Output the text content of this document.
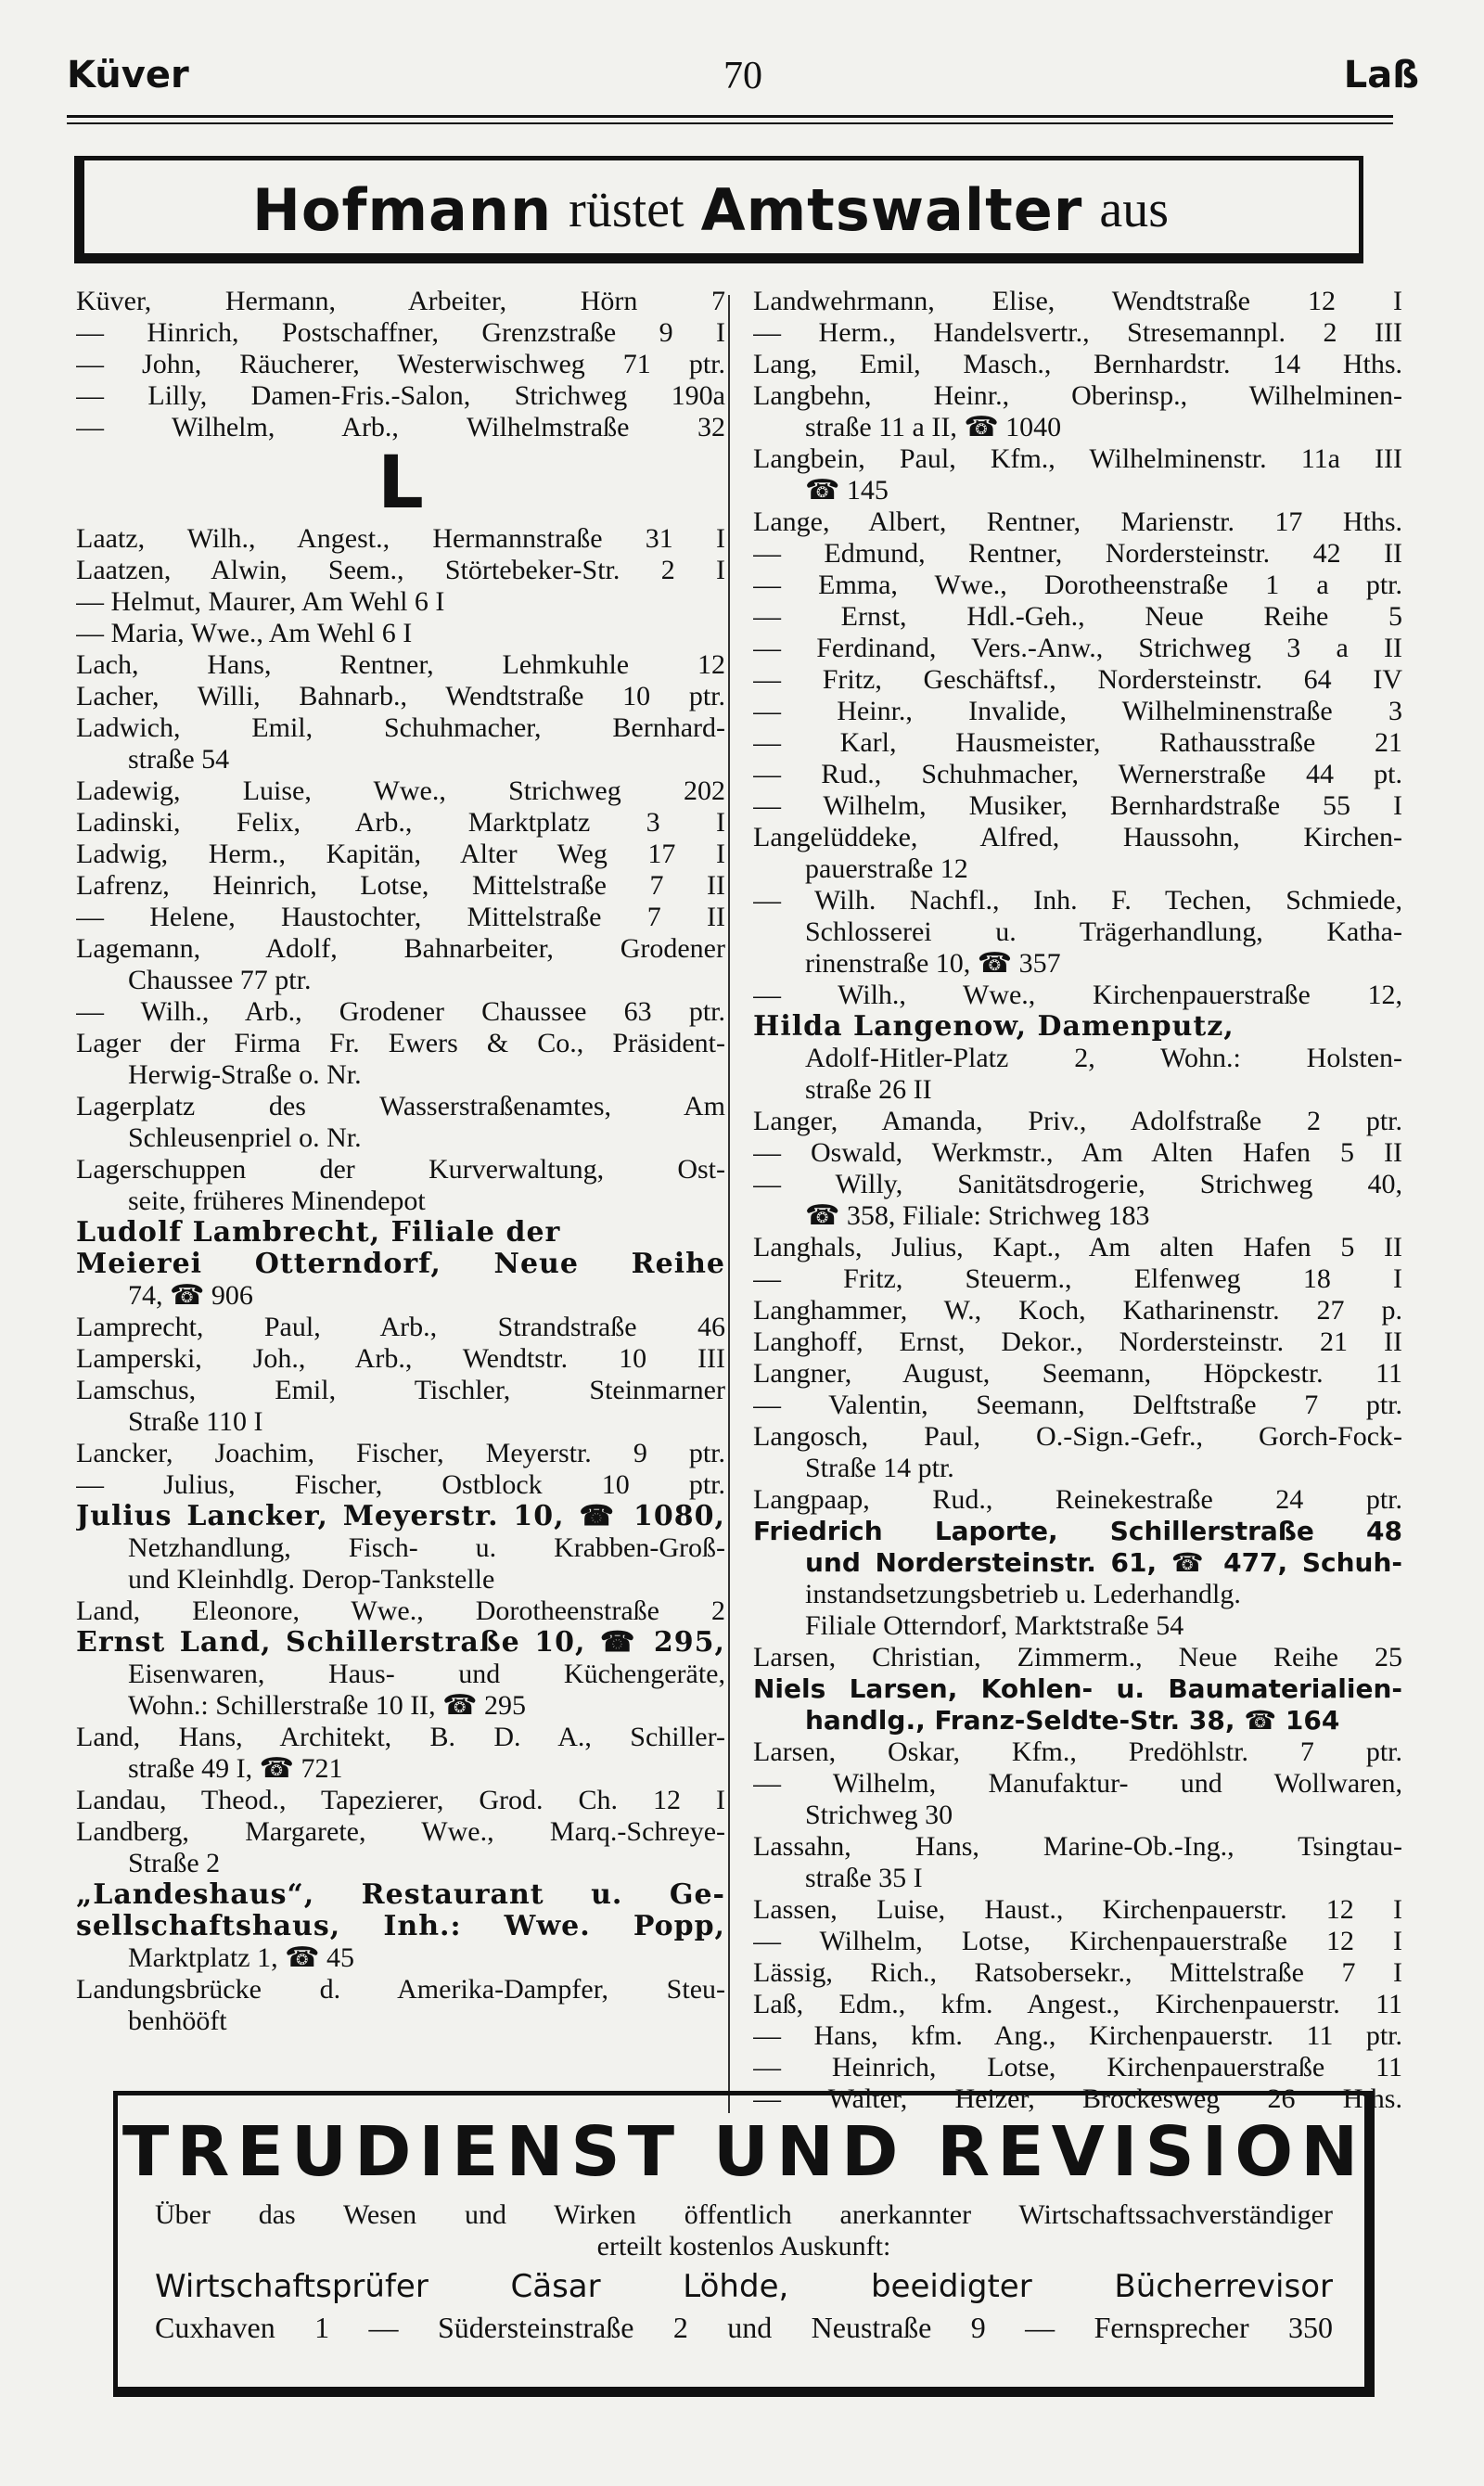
Küver	70	Laß
Hofmann rüstet Amtswalter aus
Küver, Hermann, Arbeiter, Hörn 7
— Hinrich, Postschaffner, Grenzstraße 9 I
— John, Räucherer, Westerwischweg 71 ptr.
— Lilly, Damen-Fris.-Salon, Strichweg 190a
— Wilhelm, Arb., Wilhelmstraße 32
L
Laatz, Wilh., Angest., Hermannstraße 31 I
Laatzen, Alwin, Seem., Störtebeker-Str. 2 I
— Helmut, Maurer, Am Wehl 6 I
— Maria, Wwe., Am Wehl 6 I
Lach, Hans, Rentner, Lehmkuhle 12
Lacher, Willi, Bahnarb., Wendtstraße 10 ptr.
Ladwich, Emil, Schuhmacher, Bernhard-
straße 54
Ladewig, Luise, Wwe., Strichweg 202
Ladinski, Felix, Arb., Marktplatz 3 I
Ladwig, Herm., Kapitän, Alter Weg 17 I
Lafrenz, Heinrich, Lotse, Mittelstraße 7 II
— Helene, Haustochter, Mittelstraße 7 II
Lagemann, Adolf, Bahnarbeiter, Grodener
Chaussee 77 ptr.
— Wilh., Arb., Grodener Chaussee 63 ptr.
Lager der Firma Fr. Ewers & Co., Präsident-
Herwig-Straße o. Nr.
Lagerplatz des Wasserstraßenamtes, Am
Schleusenpriel o. Nr.
Lagerschuppen der Kurverwaltung, Ost-
seite, früheres Minendepot
Ludolf Lambrecht, Filiale der
Meierei Otterndorf, Neue Reihe
74, ☎ 906
Lamprecht, Paul, Arb., Strandstraße 46
Lamperski, Joh., Arb., Wendtstr. 10 III
Lamschus, Emil, Tischler, Steinmarner
Straße 110 I
Lancker, Joachim, Fischer, Meyerstr. 9 ptr.
— Julius, Fischer, Ostblock 10 ptr.
Julius Lancker, Meyerstr. 10, ☎ 1080,
Netzhandlung, Fisch- u. Krabben-Groß-
und Kleinhdlg. Derop-Tankstelle
Land, Eleonore, Wwe., Dorotheenstraße 2
Ernst Land, Schillerstraße 10, ☎ 295,
Eisenwaren, Haus- und Küchengeräte,
Wohn.: Schillerstraße 10 II, ☎ 295
Land, Hans, Architekt, B. D. A., Schiller-
straße 49 I, ☎ 721
Landau, Theod., Tapezierer, Grod. Ch. 12 I
Landberg, Margarete, Wwe., Marq.-Schreye-
Straße 2
„Landeshaus“, Restaurant u. Ge-
sellschaftshaus, Inh.: Wwe. Popp,
Marktplatz 1, ☎ 45
Landungsbrücke d. Amerika-Dampfer, Steu-
benhööft
Landwehrmann, Elise, Wendtstraße 12 I
— Herm., Handelsvertr., Stresemannpl. 2 III
Lang, Emil, Masch., Bernhardstr. 14 Hths.
Langbehn, Heinr., Oberinsp., Wilhelminen-
straße 11 a II, ☎ 1040
Langbein, Paul, Kfm., Wilhelminenstr. 11a III
☎ 145
Lange, Albert, Rentner, Marienstr. 17 Hths.
— Edmund, Rentner, Nordersteinstr. 42 II
— Emma, Wwe., Dorotheenstraße 1 a ptr.
— Ernst, Hdl.-Geh., Neue Reihe 5
— Ferdinand, Vers.-Anw., Strichweg 3 a II
— Fritz, Geschäftsf., Nordersteinstr. 64 IV
— Heinr., Invalide, Wilhelminenstraße 3
— Karl, Hausmeister, Rathausstraße 21
— Rud., Schuhmacher, Wernerstraße 44 pt.
— Wilhelm, Musiker, Bernhardstraße 55 I
Langelüddeke, Alfred, Haussohn, Kirchen-
pauerstraße 12
— Wilh. Nachfl., Inh. F. Techen, Schmiede,
Schlosserei u. Trägerhandlung, Katha-
rinenstraße 10, ☎ 357
— Wilh., Wwe., Kirchenpauerstraße 12,
Hilda Langenow, Damenputz,
Adolf-Hitler-Platz 2, Wohn.: Holsten-
straße 26 II
Langer, Amanda, Priv., Adolfstraße 2 ptr.
— Oswald, Werkmstr., Am Alten Hafen 5 II
— Willy, Sanitätsdrogerie, Strichweg 40,
☎ 358, Filiale: Strichweg 183
Langhals, Julius, Kapt., Am alten Hafen 5 II
— Fritz, Steuerm., Elfenweg 18 I
Langhammer, W., Koch, Katharinenstr. 27 p.
Langhoff, Ernst, Dekor., Nordersteinstr. 21 II
Langner, August, Seemann, Höpckestr. 11
— Valentin, Seemann, Delftstraße 7 ptr.
Langosch, Paul, O.-Sign.-Gefr., Gorch-Fock-
Straße 14 ptr.
Langpaap, Rud., Reinekestraße 24 ptr.
Friedrich Laporte, Schillerstraße 48
und Nordersteinstr. 61, ☎ 477, Schuh-
instandsetzungsbetrieb u. Lederhandlg.
Filiale Otterndorf, Marktstraße 54
Larsen, Christian, Zimmerm., Neue Reihe 25
Niels Larsen, Kohlen- u. Baumaterialien-
handlg., Franz-Seldte-Str. 38, ☎ 164
Larsen, Oskar, Kfm., Predöhlstr. 7 ptr.
— Wilhelm, Manufaktur- und Wollwaren,
Strichweg 30
Lassahn, Hans, Marine-Ob.-Ing., Tsingtau-
straße 35 I
Lassen, Luise, Haust., Kirchenpauerstr. 12 I
— Wilhelm, Lotse, Kirchenpauerstraße 12 I
Lässig, Rich., Ratsobersekr., Mittelstraße 7 I
Laß, Edm., kfm. Angest., Kirchenpauerstr. 11
— Hans, kfm. Ang., Kirchenpauerstr. 11 ptr.
— Heinrich, Lotse, Kirchenpauerstraße 11
— Walter, Heizer, Brockesweg 26 Hths.
TREUDIENST UND REVISION
Über das Wesen und Wirken öffentlich anerkannter Wirtschaftssachverständiger
erteilt kostenlos Auskunft:
Wirtschaftsprüfer Cäsar Löhde, beeidigter Bücherrevisor
Cuxhaven 1 — Südersteinstraße 2 und Neustraße 9 — Fernsprecher 350
